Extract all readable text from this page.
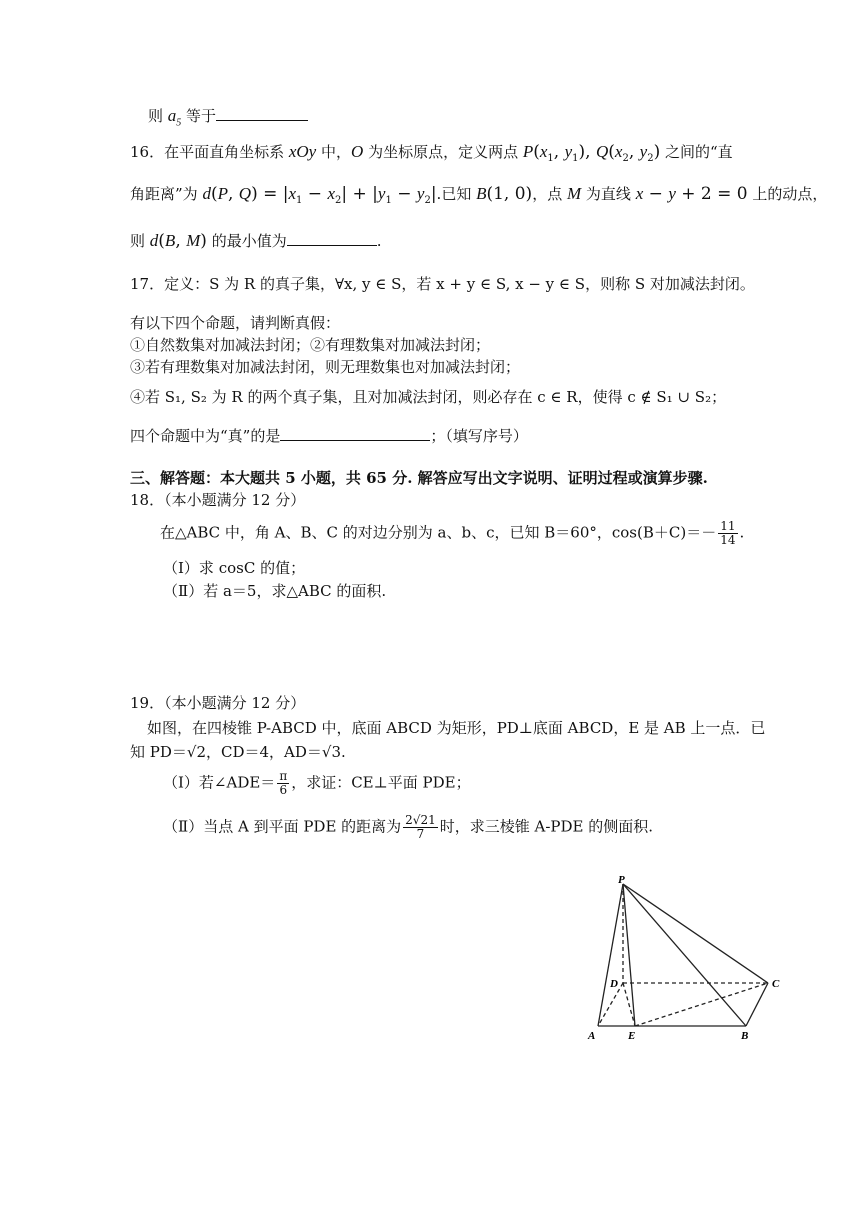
则 $a_5$ 等于
16．在平面直角坐标系 xOy 中，O 为坐标原点，定义两点 $P(x_1$, $y_1$), $Q(x_2$, $y_2$) 之间的“直
角距离”为 d(P, $Q) = |x_1 - x_2| + |y_1 - y_2|$.已知 B(1, 0)，点 M 为直线 x − y + 2 = 0 上的动点，
则 d(B, M) 的最小值为	.
17．定义：S 为 R 的真子集，∀x, y ∈ S，若 x + y ∈ S, x − y ∈ S，则称 S 对加减法封闭。
有以下四个命题，请判断真假：
①自然数集对加减法封闭；②有理数集对加减法封闭；
③若有理数集对加减法封闭，则无理数集也对加减法封闭；
④若 S₁, S₂ 为 R 的两个真子集，且对加减法封闭，则必存在 c ∈ R，使得 c ∉ S₁ ∪ S₂；
四个命题中为“真”的是	；（填写序号）
三、解答题：本大题共 5 小题，共 65 分. 解答应写出文字说明、证明过程或演算步骤.
18．（本小题满分 12 分）
在△ABC 中，角 A、B、C 的对边分别为 a、b、c，已知 B＝60°，$\cos(B+C)=- \frac{11}{14}$ .
（Ⅰ）求 cosC 的值；
（Ⅱ）若 a＝5，求△ABC 的面积.
19．（本小题满分 12 分）
如图，在四棱锥 P-ABCD 中，底面 ABCD 为矩形，PD⊥底面 ABCD，E 是 AB 上一点．已
知 PD＝√2，CD＝4，AD＝√3.
（Ⅰ）若∠ADE＝ $\frac{\pi}{6}$ ，求证：CE⊥平面 PDE；
（Ⅱ）当点 A 到平面 PDE 的距离为 $\frac{2√21}{7}$ 时，求三棱锥 A-PDE 的侧面积.
P
D	C
A	E	B
